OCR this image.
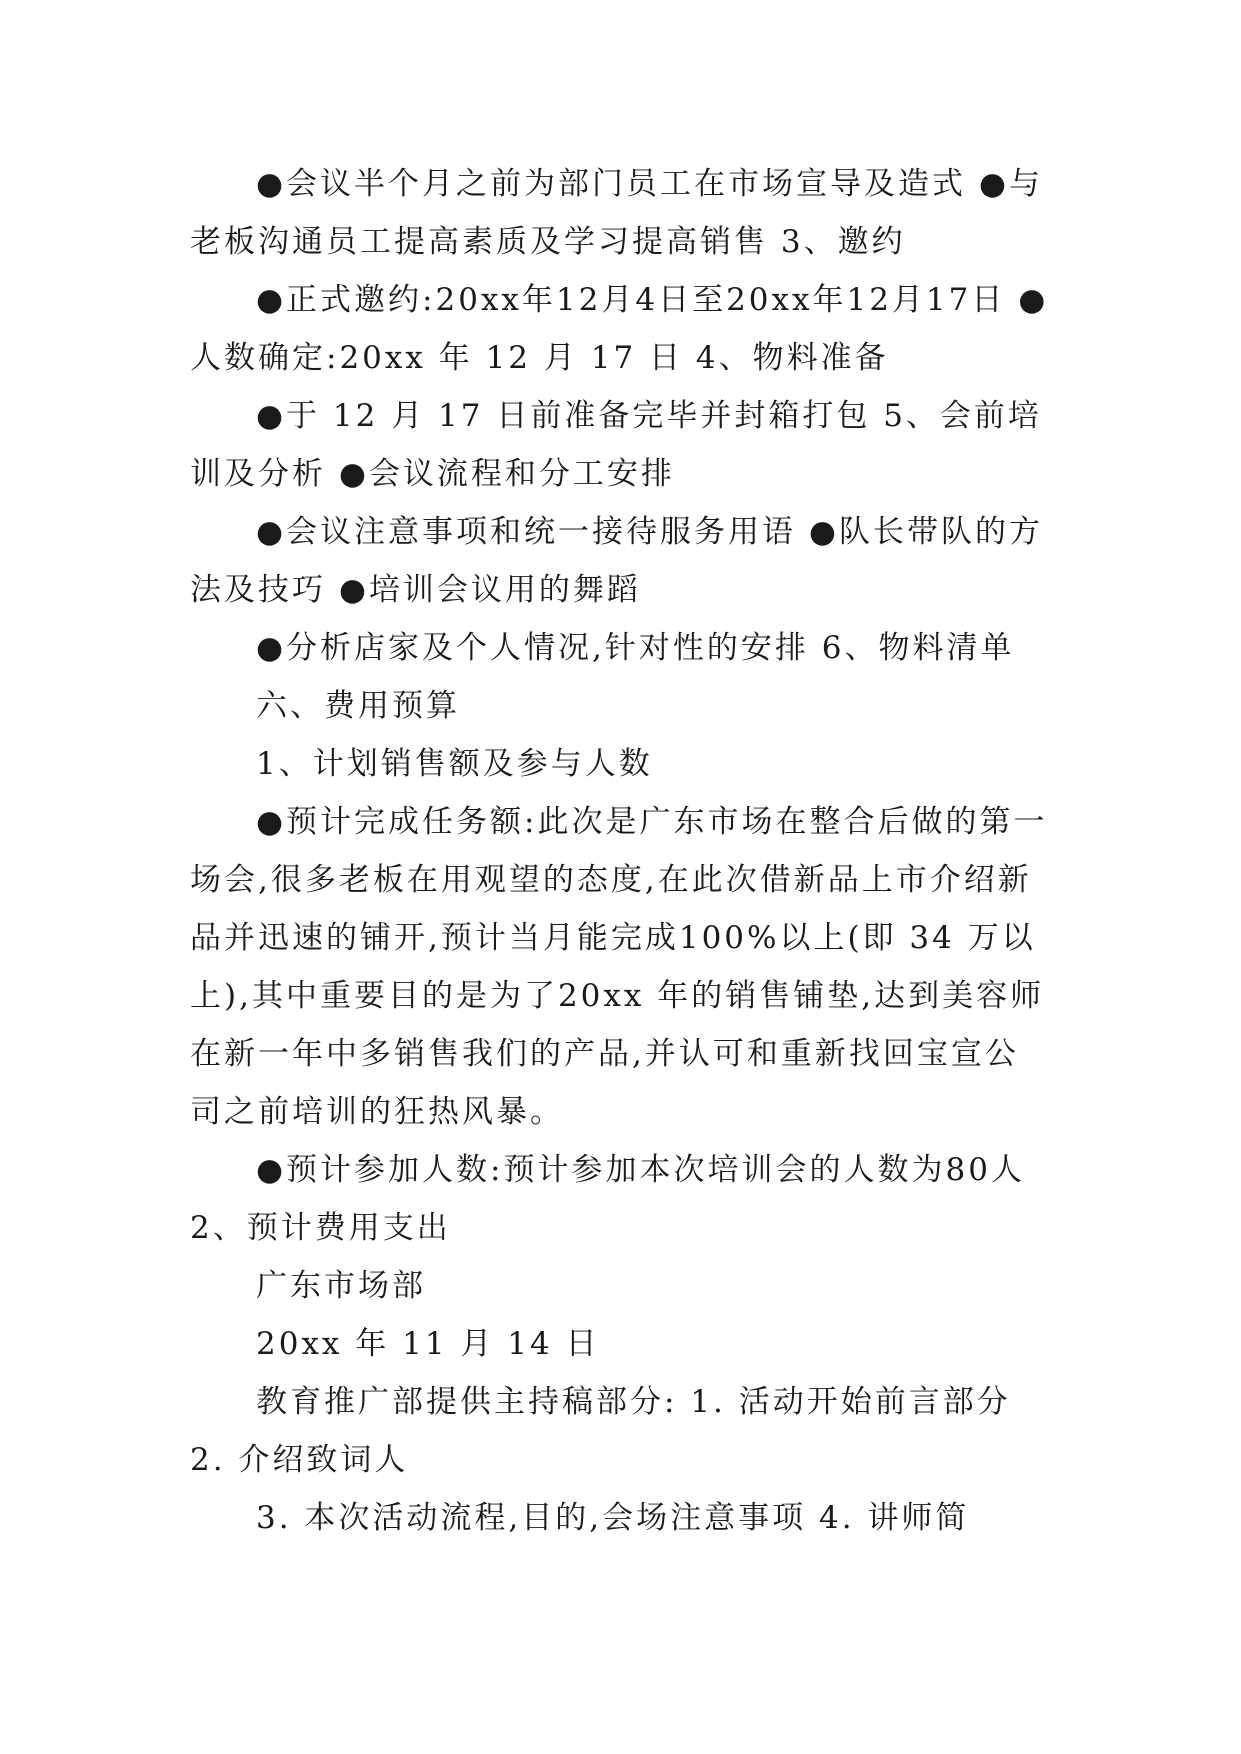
●会议半个月之前为部门员工在市场宣导及造式 ●与老板沟通员工提高素质及学习提高销售 3、邀约

●正式邀约:20xx年12月4日至20xx年12月17日 ●人数确定:20xx 年 12 月 17 日 4、物料准备

●于 12 月 17 日前准备完毕并封箱打包 5、会前培训及分析 ●会议流程和分工安排

●会议注意事项和统一接待服务用语 ●队长带队的方法及技巧 ●培训会议用的舞蹈

●分析店家及个人情况,针对性的安排 6、物料清单

六、费用预算

1、计划销售额及参与人数

●预计完成任务额:此次是广东市场在整合后做的第一场会,很多老板在用观望的态度,在此次借新品上市介绍新品并迅速的铺开,预计当月能完成100%以上(即 34 万以上),其中重要目的是为了20xx 年的销售铺垫,达到美容师在新一年中多销售我们的产品,并认可和重新找回宝宣公司之前培训的狂热风暴。

●预计参加人数:预计参加本次培训会的人数为80人 2、预计费用支出

广东市场部

20xx 年 11 月 14 日

教育推广部提供主持稿部分: 1. 活动开始前言部分

2. 介绍致词人

3. 本次活动流程,目的,会场注意事项 4. 讲师简
